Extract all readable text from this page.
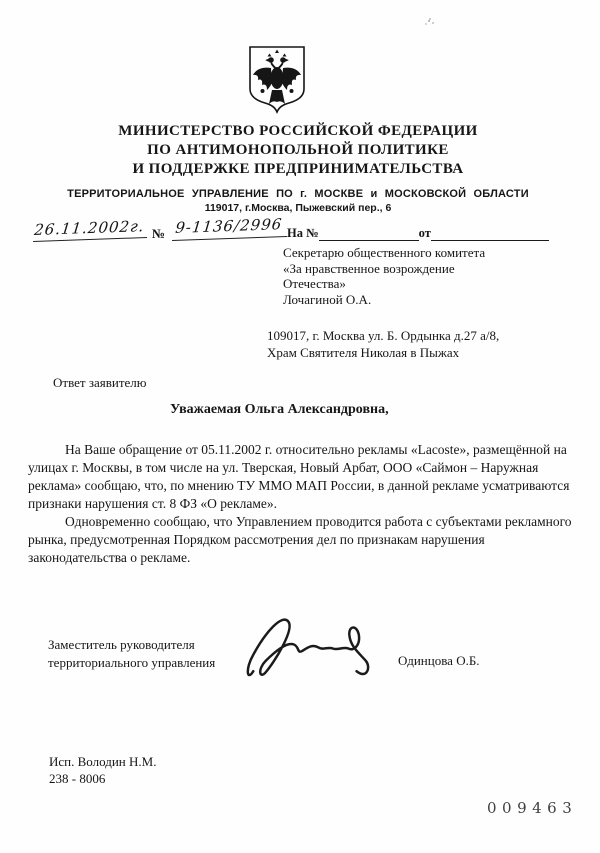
МИНИСТЕРСТВО РОССИЙСКОЙ ФЕДЕРАЦИИ
ПО АНТИМОНОПОЛЬНОЙ ПОЛИТИКЕ
И ПОДДЕРЖКЕ ПРЕДПРИНИМАТЕЛЬСТВА
ТЕРРИТОРИАЛЬНОЕ УПРАВЛЕНИЕ ПО г. МОСКВЕ и МОСКОВСКОЙ ОБЛАСТИ
119017, г.Москва, Пыжевский пер., 6
26.11.2002г. № 9-1136/2996 На №	от
Секретарю общественного комитета
«За нравственное возрождение
Отечества»
Лочагиной О.А.
109017, г. Москва ул. Б. Ордынка д.27 а/8,
Храм Святителя Николая в Пыжах
Ответ заявителю
Уважаемая Ольга Александровна,

На Ваше обращение от 05.11.2002 г. относительно рекламы «Lacoste», размещённой на улицах г. Москвы, в том числе на ул. Тверская, Новый Арбат, ООО «Саймон – Наружная реклама» сообщаю, что, по мнению ТУ ММО МАП России, в данной рекламе усматриваются признаки нарушения ст. 8 ФЗ «О рекламе».

Одновременно сообщаю, что Управлением проводится работа с субъектами рекламного рынка, предусмотренная Порядком рассмотрения дел по признакам нарушения законодательства о рекламе.

Заместитель руководителя
территориального управления	Одинцова О.Б.
Исп. Володин Н.М.
238 - 8006
009463
